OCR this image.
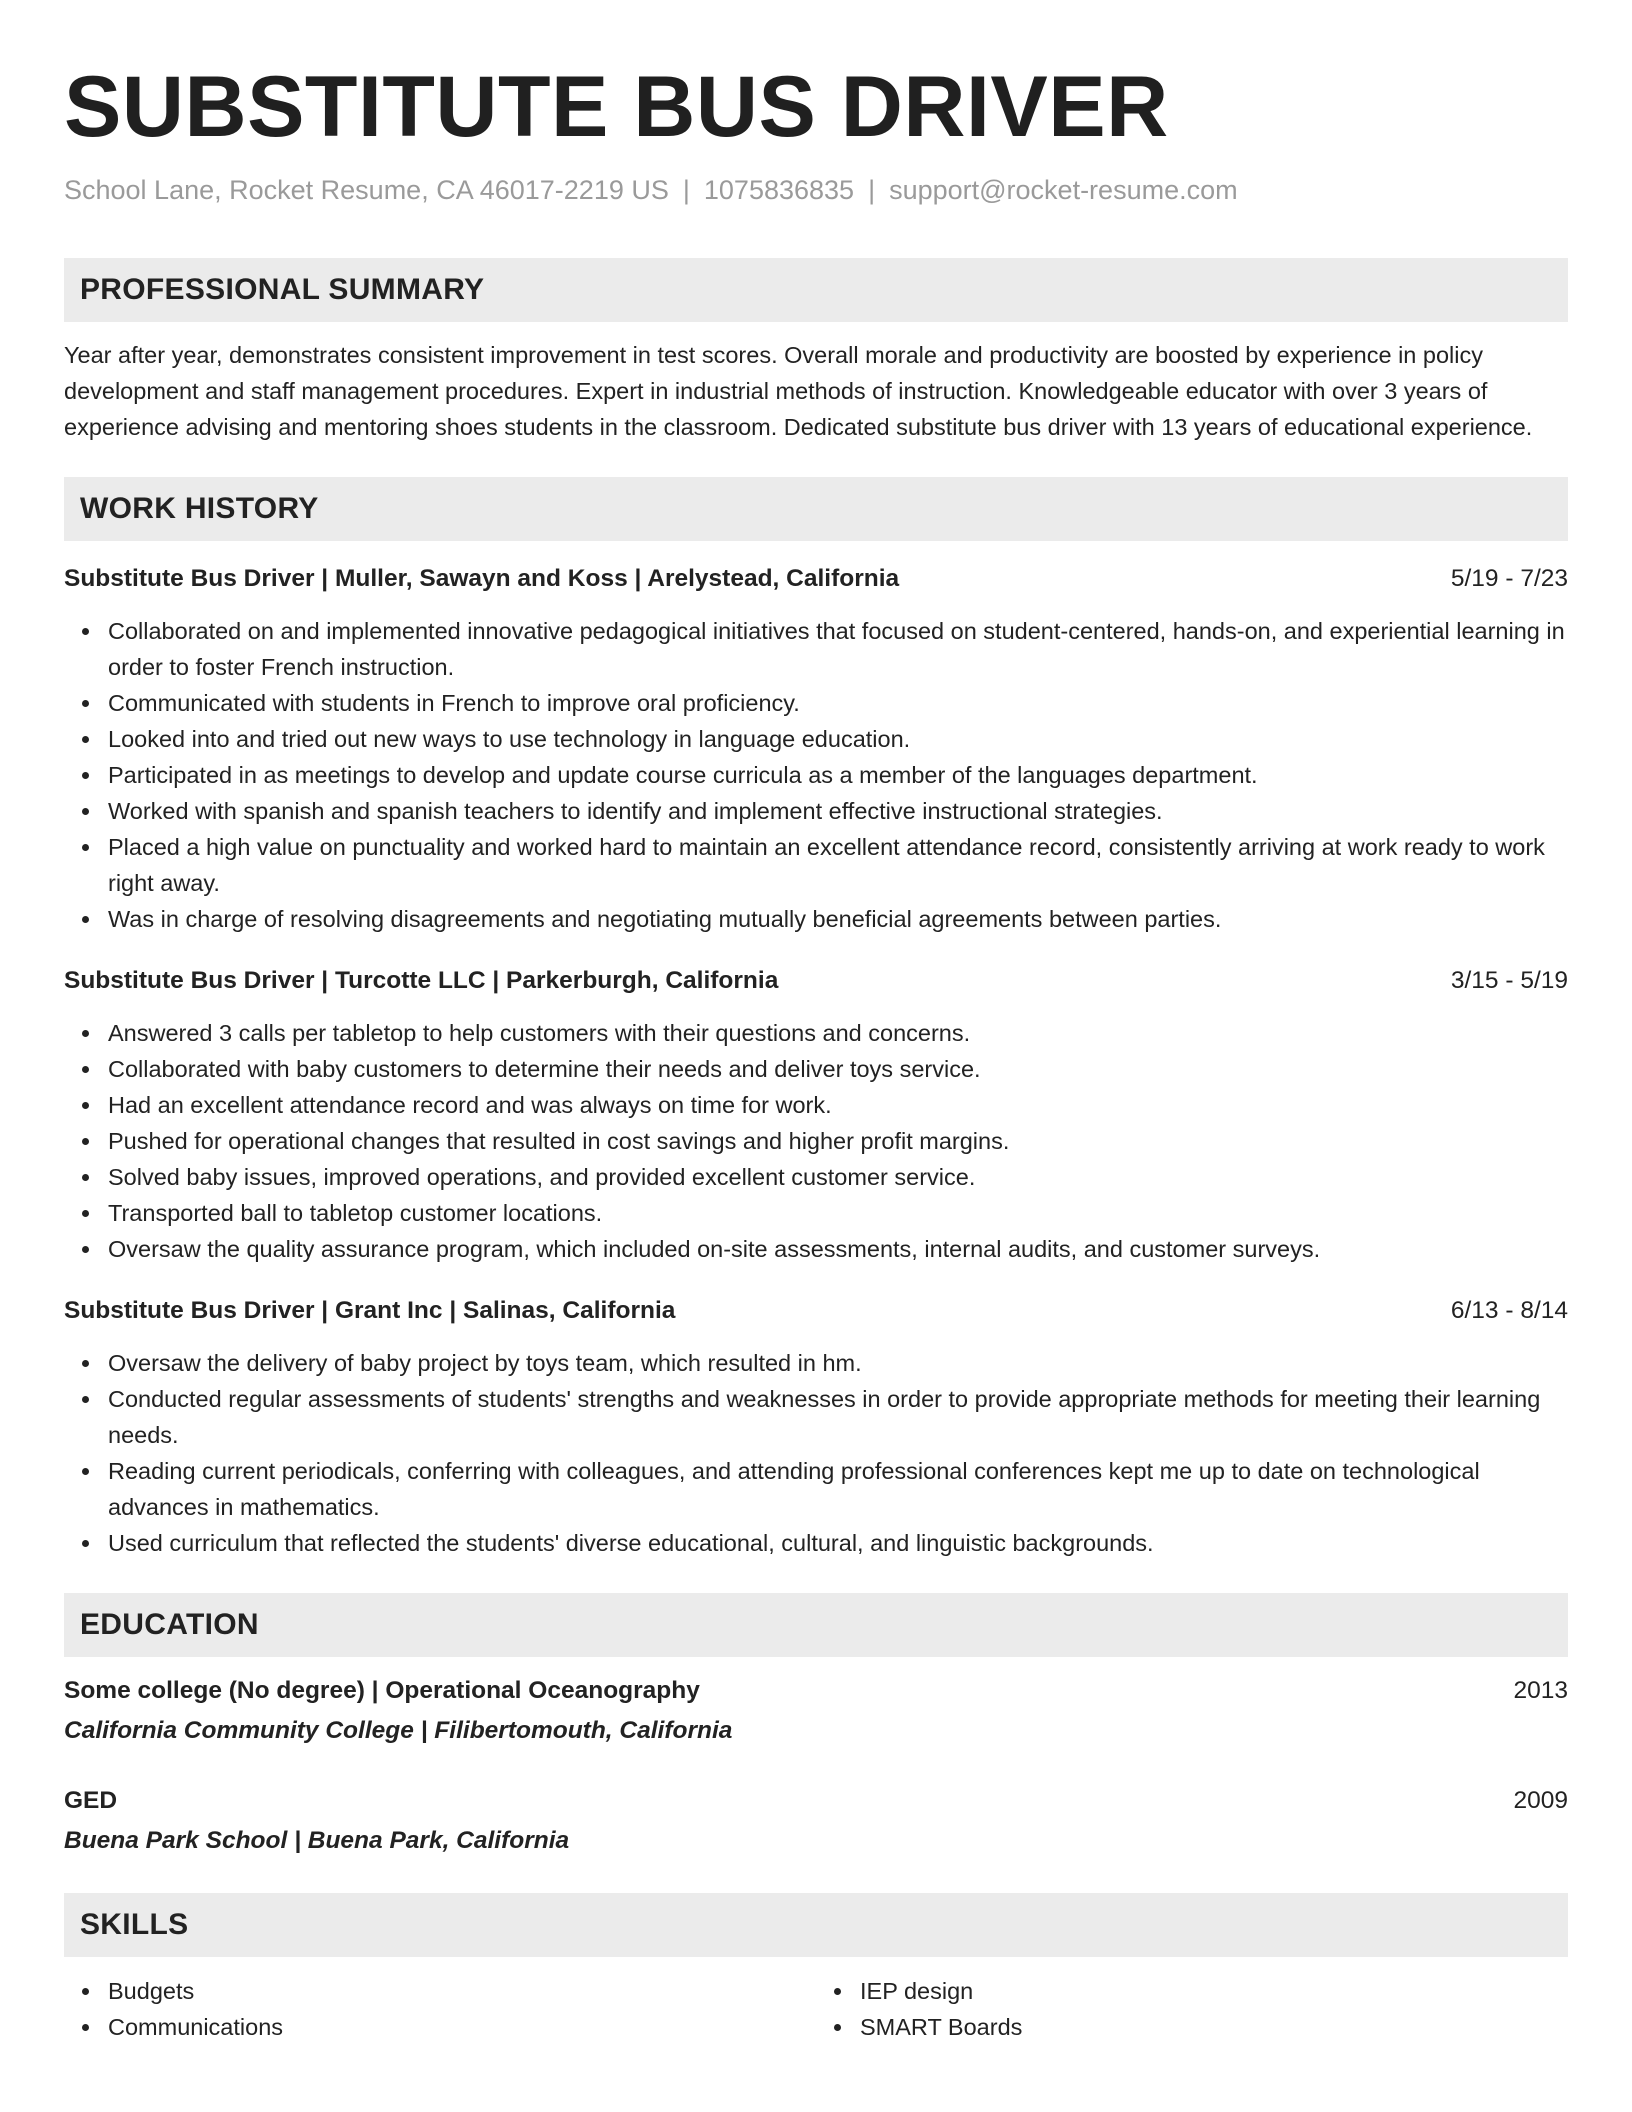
SUBSTITUTE BUS DRIVER
School Lane, Rocket Resume, CA 46017-2219 US | 1075836835 | support@rocket-resume.com
PROFESSIONAL SUMMARY

Year after year, demonstrates consistent improvement in test scores. Overall morale and productivity are boosted by experience in policy development and staff management procedures. Expert in industrial methods of instruction. Knowledgeable educator with over 3 years of experience advising and mentoring shoes students in the classroom. Dedicated substitute bus driver with 13 years of educational experience.

WORK HISTORY
Substitute Bus Driver | Muller, Sawayn and Koss | Arelystead, California	5/19 - 7/23
Collaborated on and implemented innovative pedagogical initiatives that focused on student-centered, hands-on, and experiential learning in order to foster French instruction.
Communicated with students in French to improve oral proficiency.
Looked into and tried out new ways to use technology in language education.
Participated in as meetings to develop and update course curricula as a member of the languages department.
Worked with spanish and spanish teachers to identify and implement effective instructional strategies.
Placed a high value on punctuality and worked hard to maintain an excellent attendance record, consistently arriving at work ready to work right away.
Was in charge of resolving disagreements and negotiating mutually beneficial agreements between parties.
Substitute Bus Driver | Turcotte LLC | Parkerburgh, California	3/15 - 5/19
Answered 3 calls per tabletop to help customers with their questions and concerns.
Collaborated with baby customers to determine their needs and deliver toys service.
Had an excellent attendance record and was always on time for work.
Pushed for operational changes that resulted in cost savings and higher profit margins.
Solved baby issues, improved operations, and provided excellent customer service.
Transported ball to tabletop customer locations.
Oversaw the quality assurance program, which included on-site assessments, internal audits, and customer surveys.
Substitute Bus Driver | Grant Inc | Salinas, California	6/13 - 8/14
Oversaw the delivery of baby project by toys team, which resulted in hm.
Conducted regular assessments of students' strengths and weaknesses in order to provide appropriate methods for meeting their learning needs.
Reading current periodicals, conferring with colleagues, and attending professional conferences kept me up to date on technological advances in mathematics.
Used curriculum that reflected the students' diverse educational, cultural, and linguistic backgrounds.
EDUCATION
Some college (No degree) | Operational Oceanography	2013
California Community College | Filibertomouth, California
GED	2009
Buena Park School | Buena Park, California
SKILLS
Budgets
Communications
IEP design
SMART Boards
